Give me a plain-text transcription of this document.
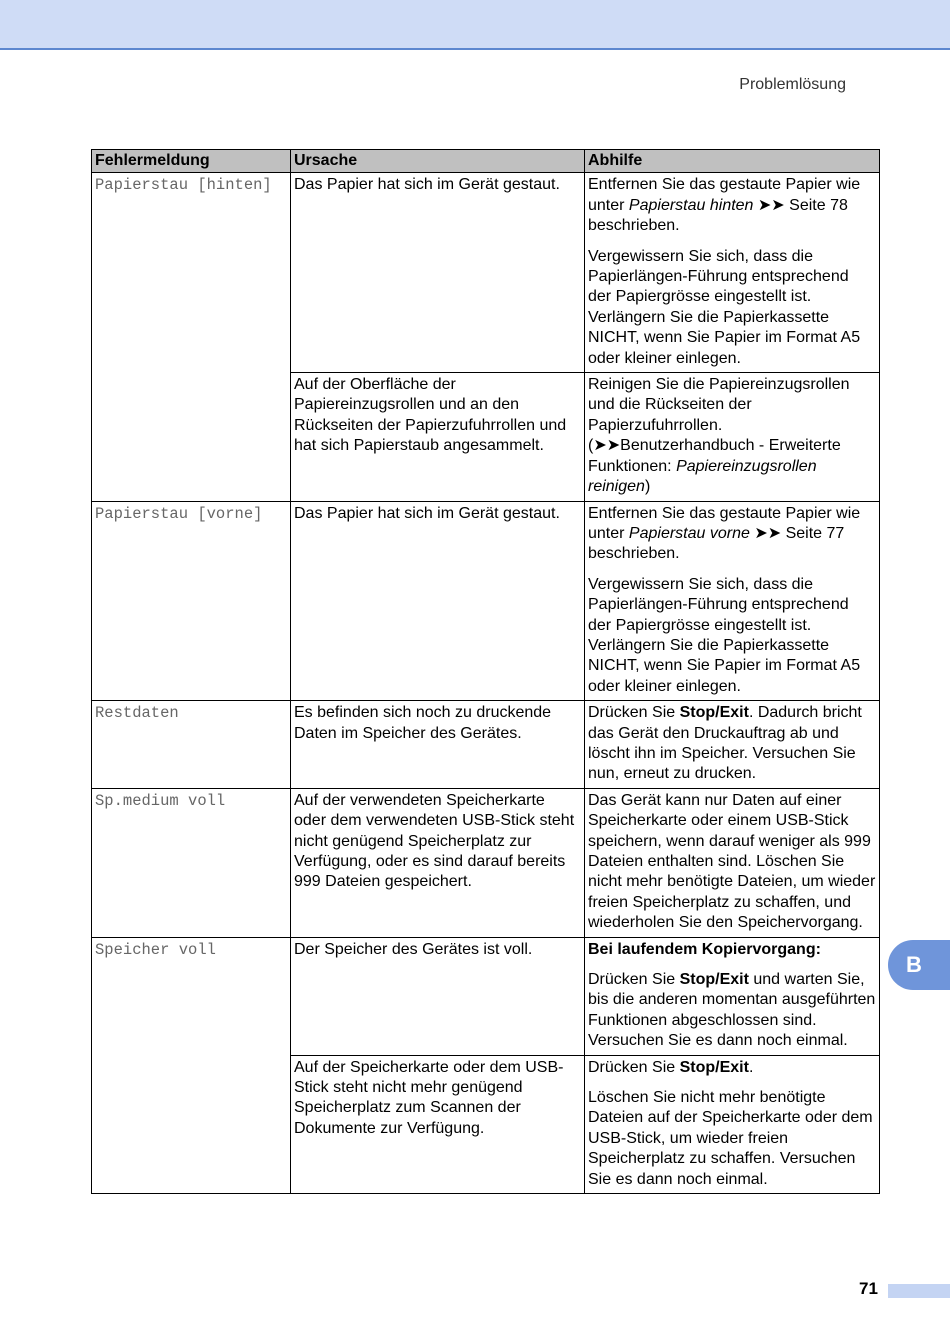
Problemlösung
Fehlermeldung	Ursache	Abhilfe
Papierstau [hinten]	Das Papier hat sich im Gerät gestaut.	Entfernen Sie das gestaute Papier wie unter Papierstau hinten ➤➤ Seite 78 beschrieben.
Vergewissern Sie sich, dass die Papierlängen-Führung entsprechend der Papiergrösse eingestellt ist. Verlängern Sie die Papierkassette NICHT, wenn Sie Papier im Format A5 oder kleiner einlegen.

	Auf der Oberfläche der Papiereinzugsrollen und an den Rückseiten der Papierzufuhrrollen und hat sich Papierstaub angesammelt.	Reinigen Sie die Papiereinzugsrollen und die Rückseiten der Papierzufuhrrollen. (➤➤Benutzerhandbuch - Erweiterte Funktionen: Papiereinzugsrollen reinigen)
Papierstau [vorne]	Das Papier hat sich im Gerät gestaut.	Entfernen Sie das gestaute Papier wie unter Papierstau vorne ➤➤ Seite 77 beschrieben.
Vergewissern Sie sich, dass die Papierlängen-Führung entsprechend der Papiergrösse eingestellt ist. Verlängern Sie die Papierkassette NICHT, wenn Sie Papier im Format A5 oder kleiner einlegen.

Restdaten	Es befinden sich noch zu druckende Daten im Speicher des Gerätes.	Drücken Sie Stop/Exit. Dadurch bricht das Gerät den Druckauftrag ab und löscht ihn im Speicher. Versuchen Sie nun, erneut zu drucken.
Sp.medium voll	Auf der verwendeten Speicherkarte oder dem verwendeten USB-Stick steht nicht genügend Speicherplatz zur Verfügung, oder es sind darauf bereits 999 Dateien gespeichert.	Das Gerät kann nur Daten auf einer Speicherkarte oder einem USB-Stick speichern, wenn darauf weniger als 999 Dateien enthalten sind. Löschen Sie nicht mehr benötigte Dateien, um wieder freien Speicherplatz zu schaffen, und wiederholen Sie den Speichervorgang.
Speicher voll	Der Speicher des Gerätes ist voll.	Bei laufendem Kopiervorgang:
Drücken Sie Stop/Exit und warten Sie, bis die anderen momentan ausgeführten Funktionen abgeschlossen sind. Versuchen Sie es dann noch einmal.

	Auf der Speicherkarte oder dem USB-Stick steht nicht mehr genügend Speicherplatz zum Scannen der Dokumente zur Verfügung.	Drücken Sie Stop/Exit.
Löschen Sie nicht mehr benötigte Dateien auf der Speicherkarte oder dem USB-Stick, um wieder freien Speicherplatz zu schaffen. Versuchen Sie es dann noch einmal.
B
71
